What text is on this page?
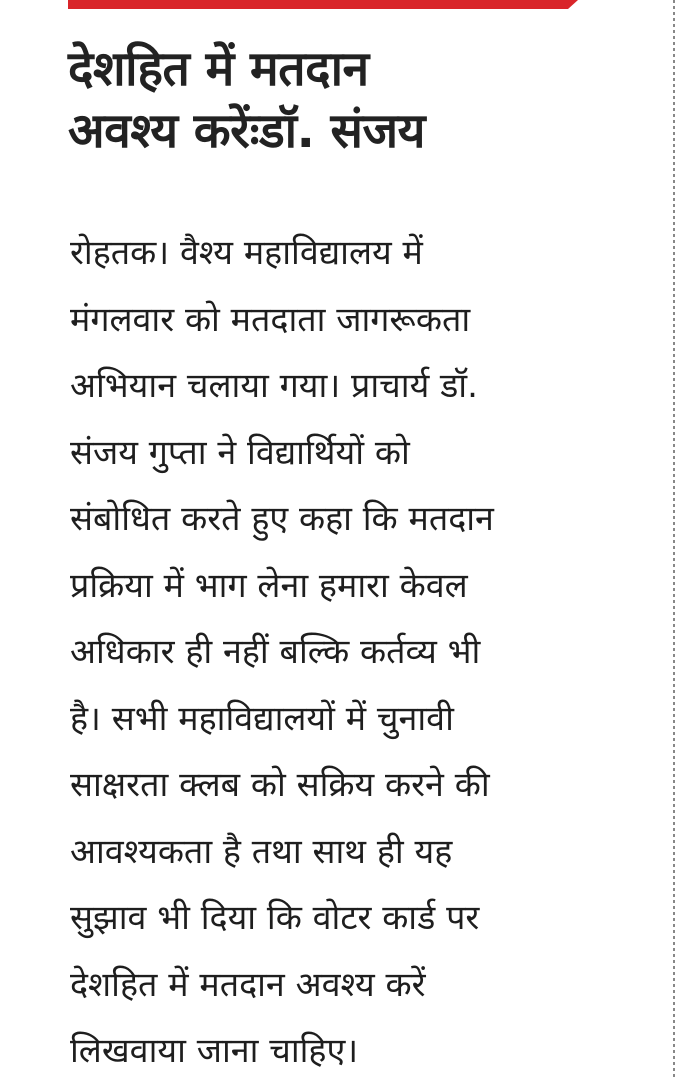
देशहित में मतदान
अवश्य करेंःडॉ. संजय

रोहतक। वैश्य महाविद्यालय में
मंगलवार को मतदाता जागरूकता
अभियान चलाया गया। प्राचार्य डॉ.
संजय गुप्ता ने विद्यार्थियों को
संबोधित करते हुए कहा कि मतदान
प्रक्रिया में भाग लेना हमारा केवल
अधिकार ही नहीं बल्कि कर्तव्य भी
है। सभी महाविद्यालयों में चुनावी
साक्षरता क्लब को सक्रिय करने की
आवश्यकता है तथा साथ ही यह
सुझाव भी दिया कि वोटर कार्ड पर
देशहित में मतदान अवश्य करें
लिखवाया जाना चाहिए।
